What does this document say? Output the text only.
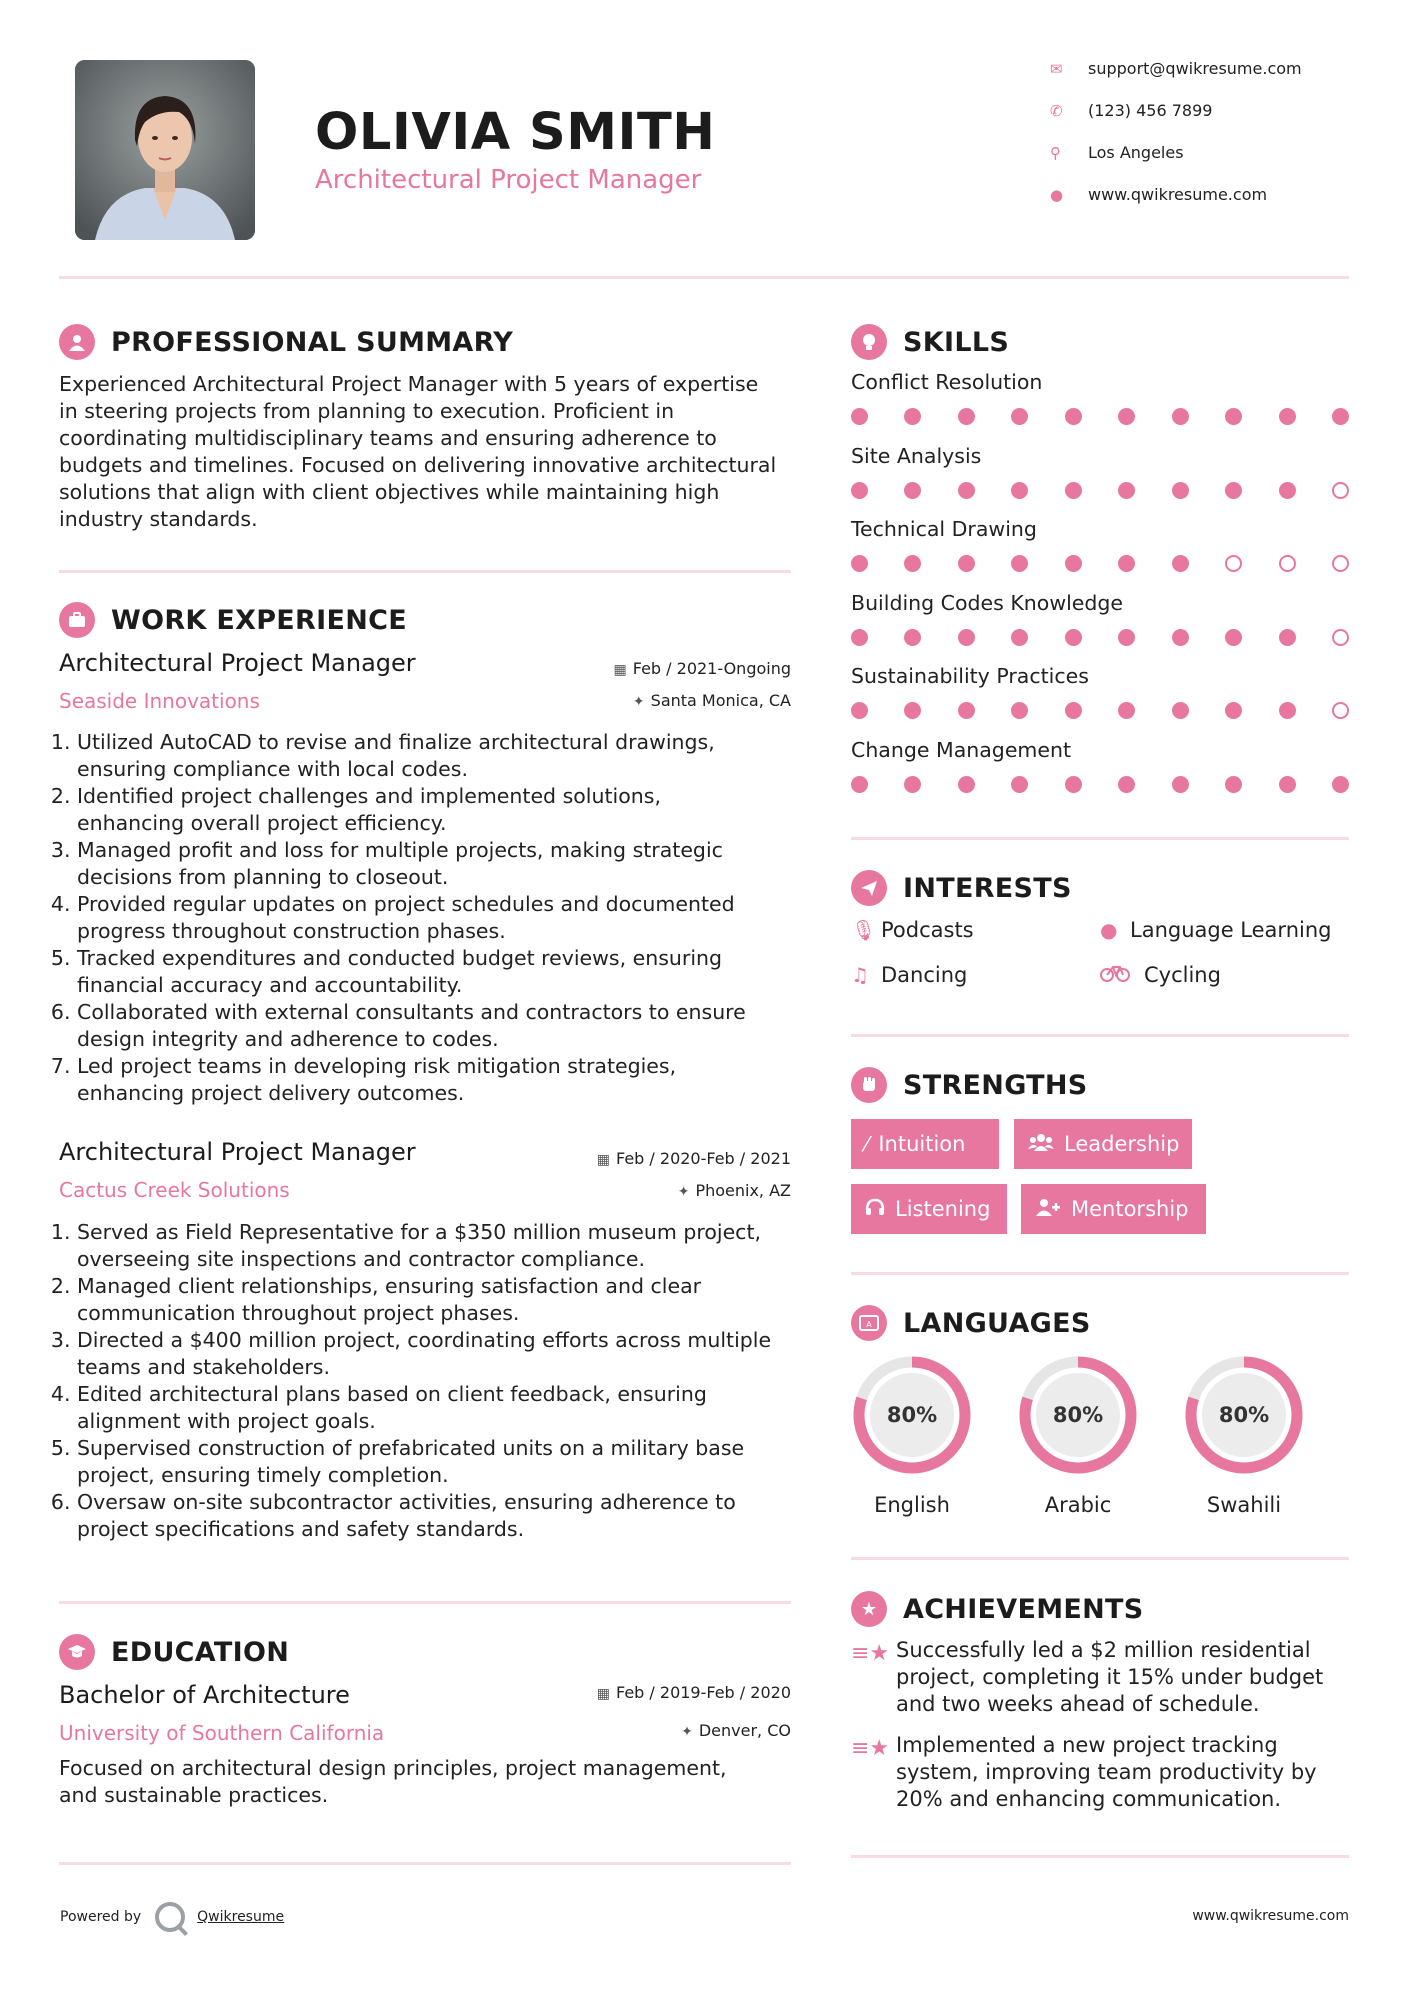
OLIVIA SMITH
Architectural Project Manager
✉	support@qwikresume.com
✆	(123) 456 7899
⚲	Los Angeles
●	www.qwikresume.com
PROFESSIONAL SUMMARY
Experienced Architectural Project Manager with 5 years of expertise
in steering projects from planning to execution. Proficient in
coordinating multidisciplinary teams and ensuring adherence to
budgets and timelines. Focused on delivering innovative architectural
solutions that align with client objectives while maintaining high
industry standards.
WORK EXPERIENCE
Architectural Project Manager
Seaside Innovations
▦ Feb / 2021-Ongoing
✦ Santa Monica, CA
1. Utilized AutoCAD to revise and finalize architectural drawings,
ensuring compliance with local codes.
2. Identified project challenges and implemented solutions,
enhancing overall project efficiency.
3. Managed profit and loss for multiple projects, making strategic
decisions from planning to closeout.
4. Provided regular updates on project schedules and documented
progress throughout construction phases.
5. Tracked expenditures and conducted budget reviews, ensuring
financial accuracy and accountability.
6. Collaborated with external consultants and contractors to ensure
design integrity and adherence to codes.
7. Led project teams in developing risk mitigation strategies,
enhancing project delivery outcomes.
Architectural Project Manager
Cactus Creek Solutions
▦ Feb / 2020-Feb / 2021
✦ Phoenix, AZ
1. Served as Field Representative for a $350 million museum project,
overseeing site inspections and contractor compliance.
2. Managed client relationships, ensuring satisfaction and clear
communication throughout project phases.
3. Directed a $400 million project, coordinating efforts across multiple
teams and stakeholders.
4. Edited architectural plans based on client feedback, ensuring
alignment with project goals.
5. Supervised construction of prefabricated units on a military base
project, ensuring timely completion.
6. Oversaw on-site subcontractor activities, ensuring adherence to
project specifications and safety standards.
EDUCATION
Bachelor of Architecture
University of Southern California
▦ Feb / 2019-Feb / 2020
✦ Denver, CO
Focused on architectural design principles, project management,
and sustainable practices.
SKILLS
Conflict Resolution
Site Analysis
Technical Drawing
Building Codes Knowledge
Sustainability Practices
Change Management
INTERESTS
🎙︎ Podcasts	● Language Learning
♫ Dancing	Cycling
STRENGTHS
⁄ Intuition	Leadership
Listening	Mentorship
A LANGUAGES
80%
English
80%
Arabic
80%
Swahili
★ ACHIEVEMENTS
≡★ Successfully led a $2 million residential
project, completing it 15% under budget
and two weeks ahead of schedule.
≡★ Implemented a new project tracking
system, improving team productivity by
20% and enhancing communication.
Powered by	Qwikresume	www.qwikresume.com
